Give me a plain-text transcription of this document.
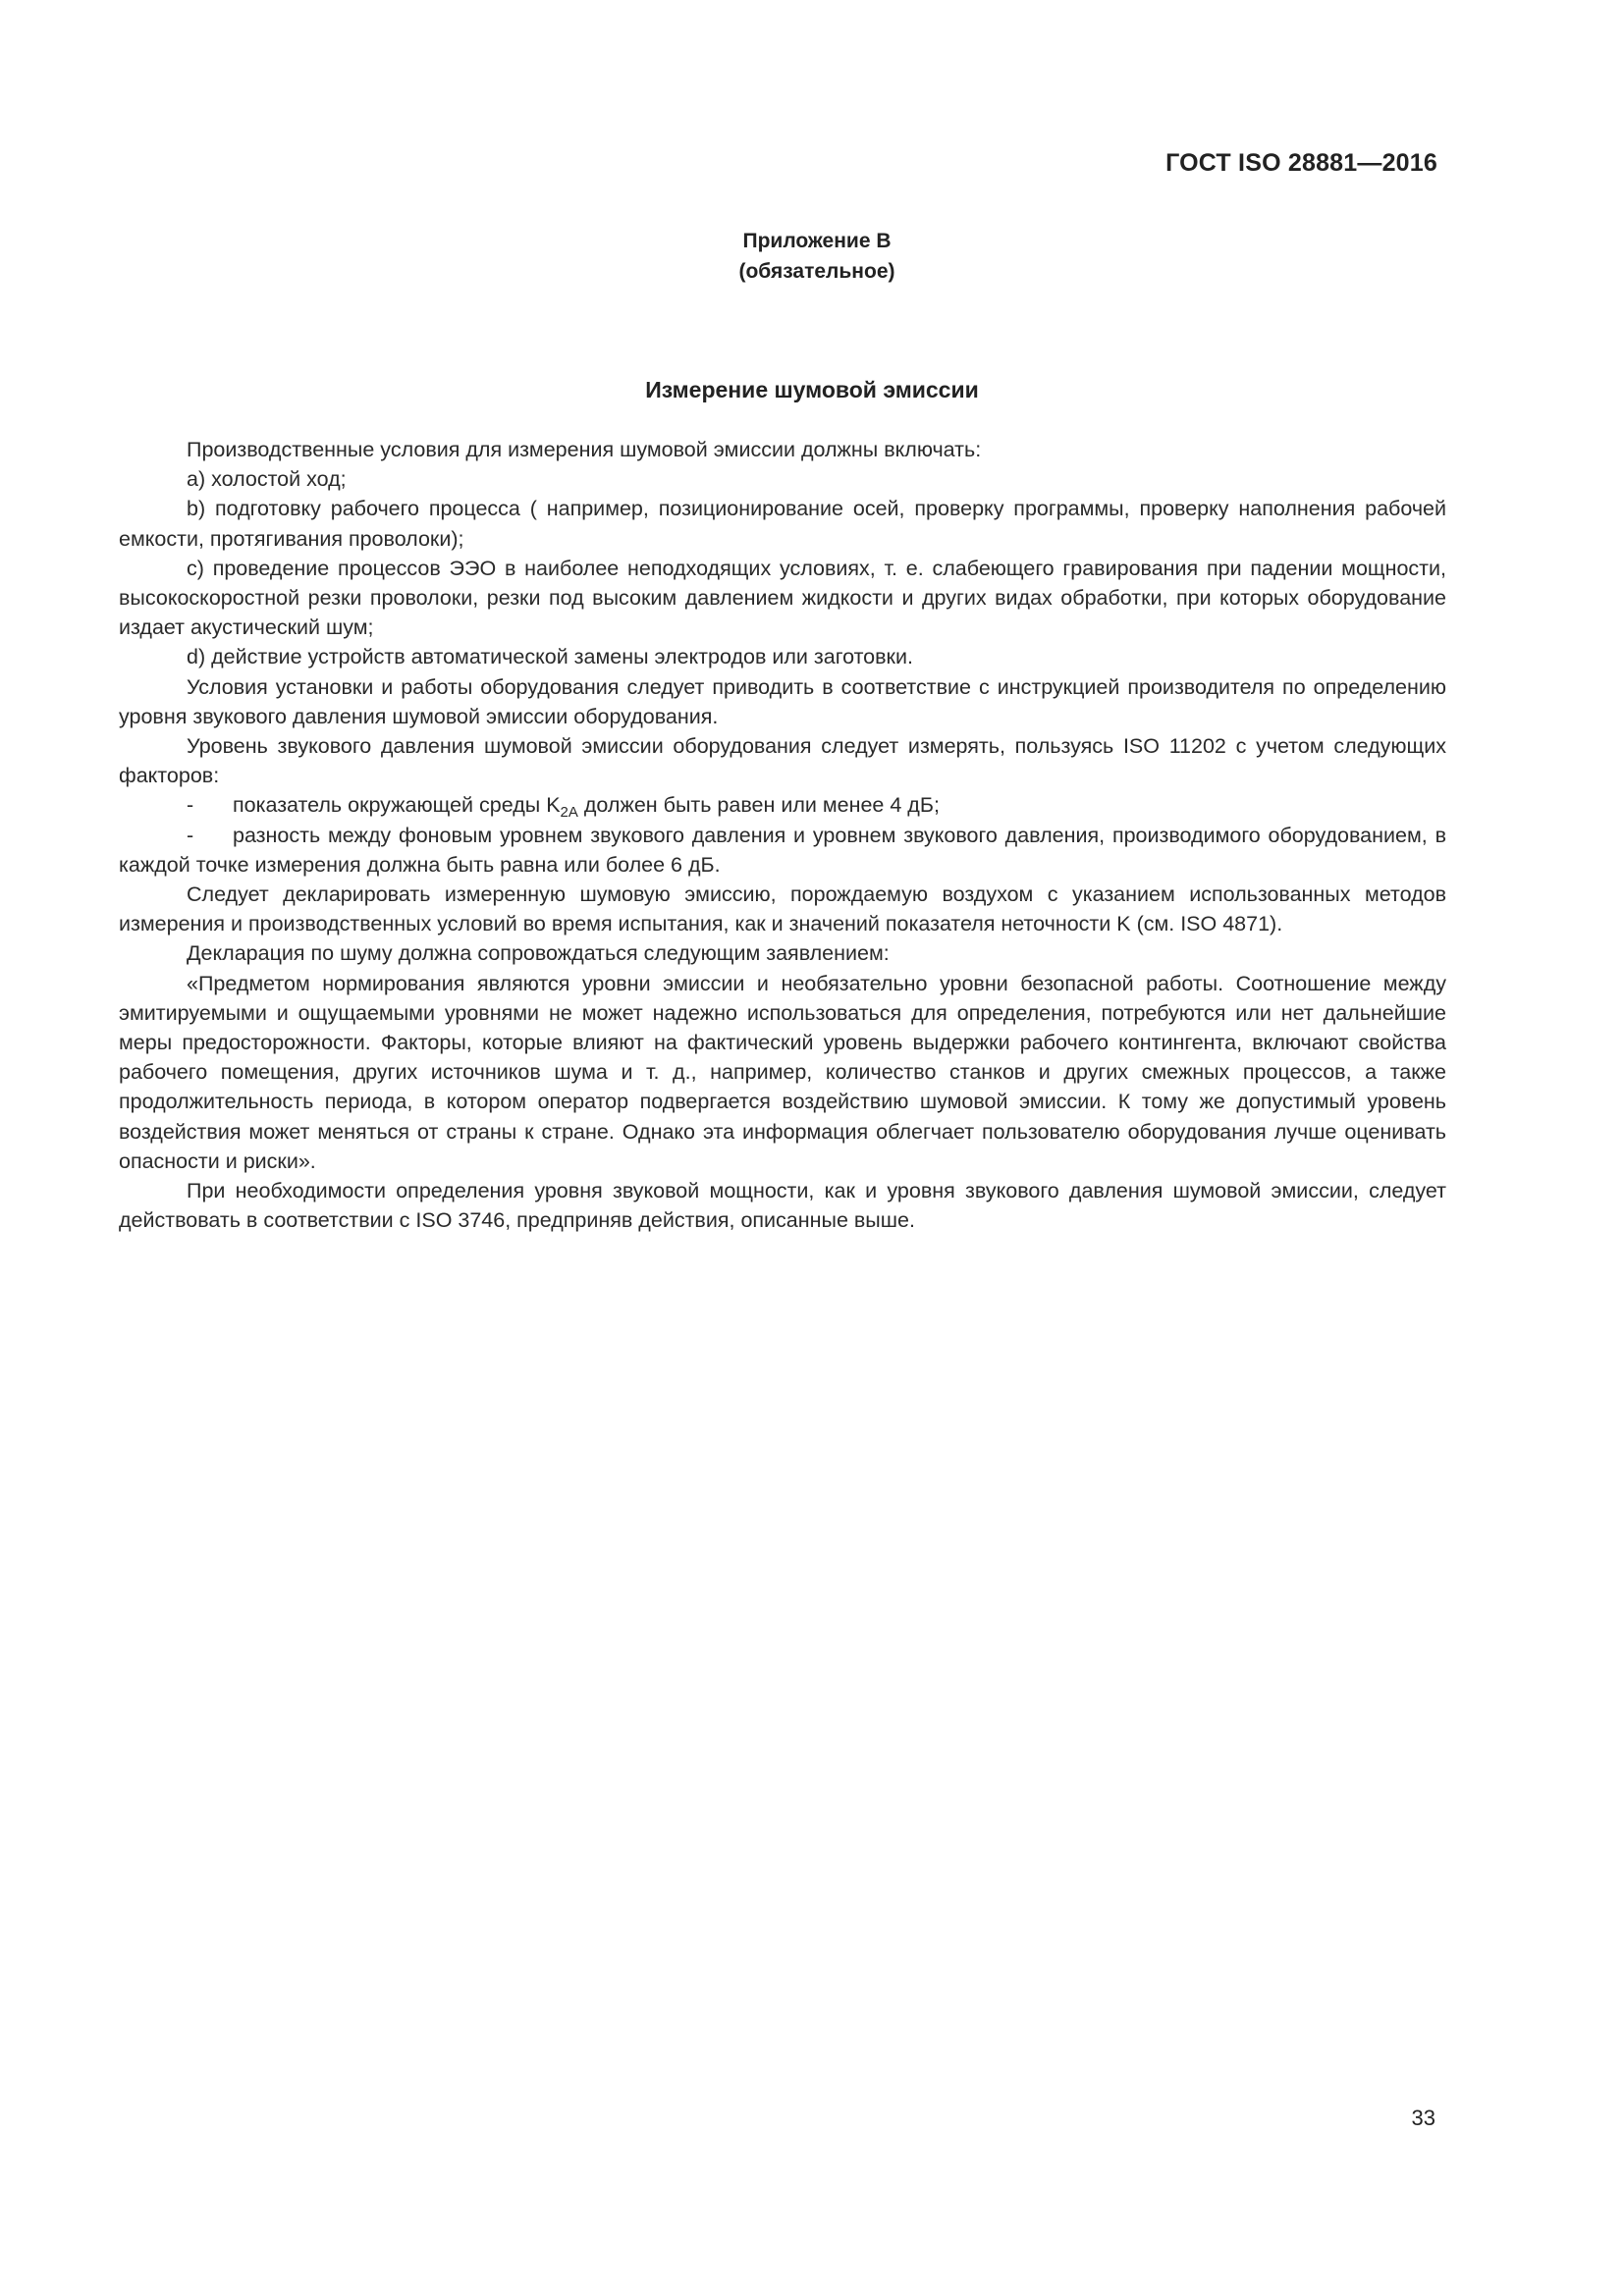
ГОСТ ISO 28881—2016
Приложение B
(обязательное)
Измерение шумовой эмиссии

Производственные условия для измерения шумовой эмиссии должны включать:

а) холостой ход;

b) подготовку рабочего процесса ( например, позиционирование осей, проверку программы, проверку наполнения рабочей емкости, протягивания проволоки);

c) проведение процессов ЭЭО в наиболее неподходящих условиях, т. е. слабеющего гравирования при падении мощности, высокоскоростной резки проволоки, резки под высоким давлением жидкости и других видах обработки, при которых оборудование издает акустический шум;

d) действие устройств автоматической замены электродов или заготовки.

Условия установки и работы оборудования следует приводить в соответствие с инструкцией производителя по определению уровня звукового давления шумовой эмиссии оборудования.

Уровень звукового давления шумовой эмиссии оборудования следует измерять, пользуясь ISO 11202 с учетом следующих факторов:

- показатель окружающей среды $K_{2A}$ должен быть равен или менее 4 дБ;

- разность между фоновым уровнем звукового давления и уровнем звукового давления, производимого оборудованием, в каждой точке измерения должна быть равна или более 6 дБ.

Следует декларировать измеренную шумовую эмиссию, порождаемую воздухом с указанием использованных методов измерения и производственных условий во время испытания, как и значений показателя неточности K (см. ISO 4871).

Декларация по шуму должна сопровождаться следующим заявлением:

«Предметом нормирования являются уровни эмиссии и необязательно уровни безопасной работы. Соотношение между эмитируемыми и ощущаемыми уровнями не может надежно использоваться для определения, потребуются или нет дальнейшие меры предосторожности. Факторы, которые влияют на фактический уровень выдержки рабочего контингента, включают свойства рабочего помещения, других источников шума и т. д., например, количество станков и других смежных процессов, а также продолжительность периода, в котором оператор подвергается воздействию шумовой эмиссии. К тому же допустимый уровень воздействия может меняться от страны к стране. Однако эта информация облегчает пользователю оборудования лучше оценивать опасности и риски».

При необходимости определения уровня звуковой мощности, как и уровня звукового давления шумовой эмиссии, следует действовать в соответствии с ISO 3746, предприняв действия, описанные выше.

33
